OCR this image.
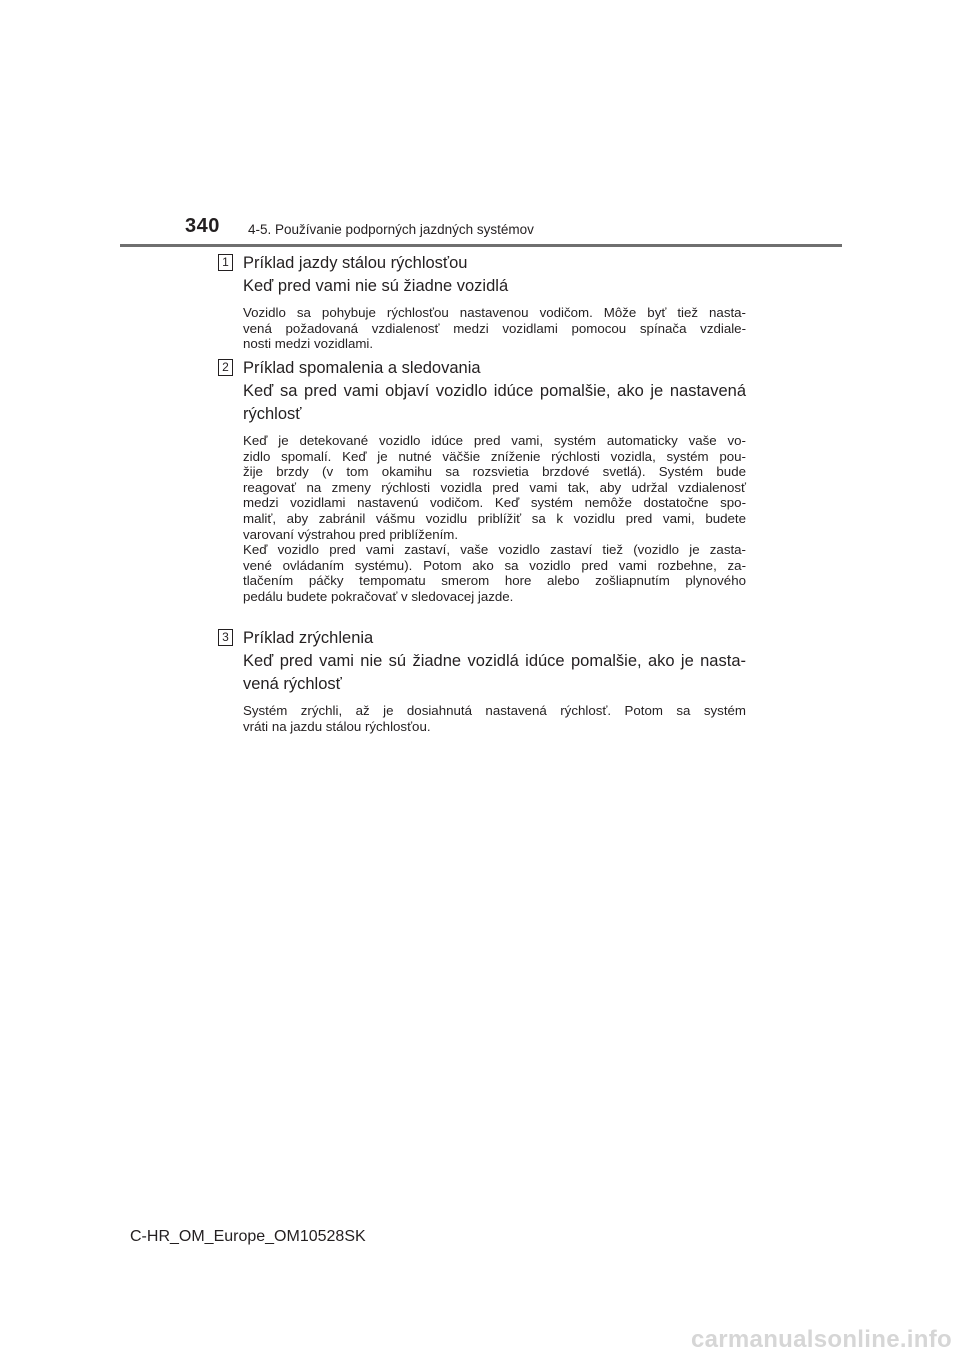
340 4-5. Používanie podporných jazdných systémov
1 Príklad jazdy stálou rýchlosťou
Keď pred vami nie sú žiadne vozidlá
Vozidlo sa pohybuje rýchlosťou nastavenou vodičom. Môže byť tiež nasta-
vená požadovaná vzdialenosť medzi vozidlami pomocou spínača vzdiale-
nosti medzi vozidlami.
2 Príklad spomalenia a sledovania
Keď sa pred vami objaví vozidlo idúce pomalšie, ako je nastavená
rýchlosť
Keď je detekované vozidlo idúce pred vami, systém automaticky vaše vo-
zidlo spomalí. Keď je nutné väčšie zníženie rýchlosti vozidla, systém pou-
žije brzdy (v tom okamihu sa rozsvietia brzdové svetlá). Systém bude
reagovať na zmeny rýchlosti vozidla pred vami tak, aby udržal vzdialenosť
medzi vozidlami nastavenú vodičom. Keď systém nemôže dostatočne spo-
maliť, aby zabránil vášmu vozidlu priblížiť sa k vozidlu pred vami, budete
varovaní výstrahou pred priblížením.
Keď vozidlo pred vami zastaví, vaše vozidlo zastaví tiež (vozidlo je zasta-
vené ovládaním systému). Potom ako sa vozidlo pred vami rozbehne, za-
tlačením páčky tempomatu smerom hore alebo zošliapnutím plynového
pedálu budete pokračovať v sledovacej jazde.
3 Príklad zrýchlenia
Keď pred vami nie sú žiadne vozidlá idúce pomalšie, ako je nasta-
vená rýchlosť
Systém zrýchli, až je dosiahnutá nastavená rýchlosť. Potom sa systém
vráti na jazdu stálou rýchlosťou.
C-HR_OM_Europe_OM10528SK
carmanualsonline.info
